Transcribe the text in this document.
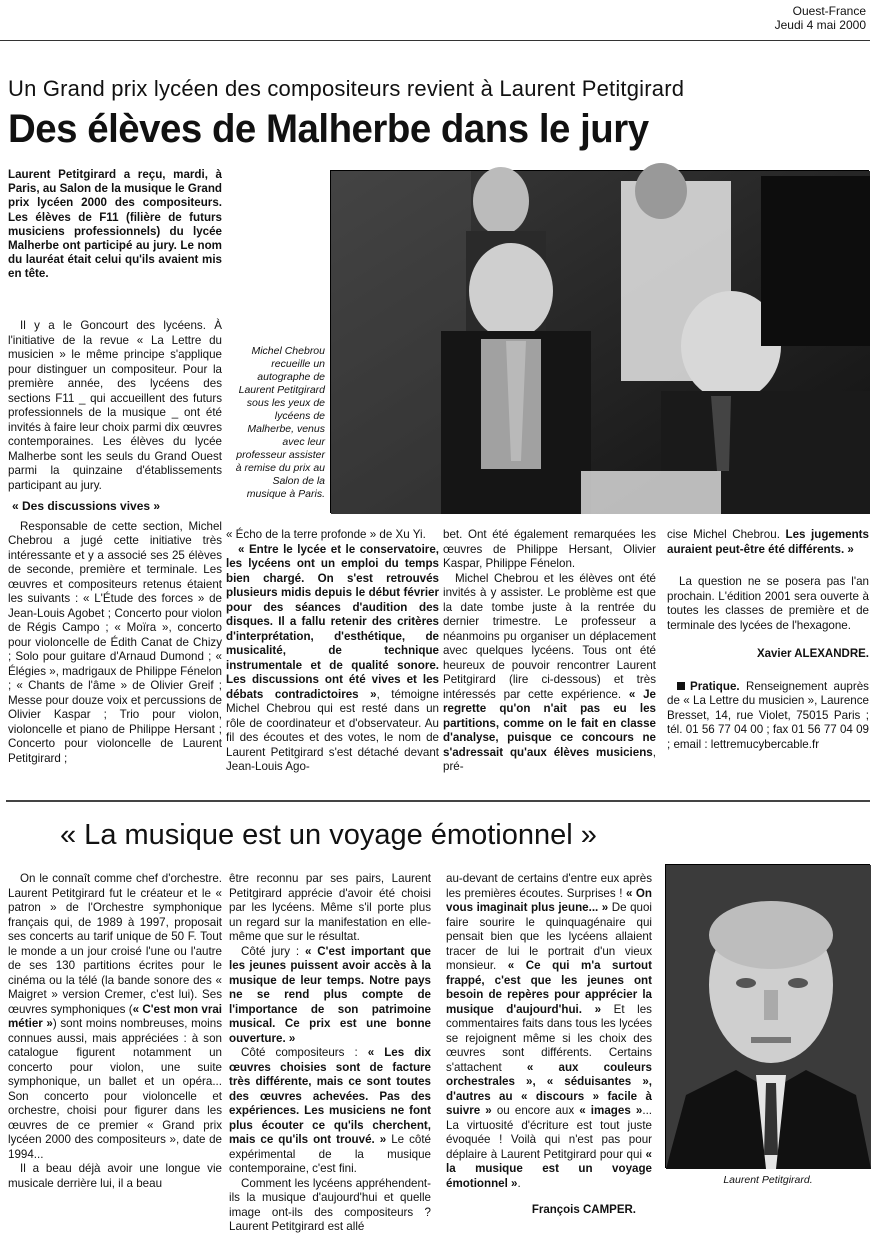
Ouest-France
Jeudi 4 mai 2000
Un Grand prix lycéen des compositeurs revient à Laurent Petitgirard
Des élèves de Malherbe dans le jury
Laurent Petitgirard a reçu, mardi, à Paris, au Salon de la musique le Grand prix lycéen 2000 des compositeurs. Les élèves de F11 (filière de futurs musiciens professionnels) du lycée Malherbe ont participé au jury. Le nom du lauréat était celui qu'ils avaient mis en tête.
Michel Chebrou recueille un autographe de Laurent Petitgirard sous les yeux de lycéens de Malherbe, venus avec leur professeur assister à remise du prix au Salon de la musique à Paris.

Il y a le Goncourt des lycéens. À l'initiative de la revue « La Lettre du musicien » le même principe s'applique pour distinguer un compositeur. Pour la première année, des lycéens des sections F11 _ qui accueillent des futurs professionnels de la musique _ ont été invités à faire leur choix parmi dix œuvres contemporaines. Les élèves du lycée Malherbe sont les seuls du Grand Ouest parmi la quinzaine d'établissements participant au jury.

« Des discussions vives »

Responsable de cette section, Michel Chebrou a jugé cette initiative très intéressante et y a associé ses 25 élèves de seconde, première et terminale. Les œuvres et compositeurs retenus étaient les suivants : « L'Étude des forces » de Jean-Louis Agobet ; Concerto pour violon de Régis Campo ; « Moïra », concerto pour violoncelle de Édith Canat de Chizy ; Solo pour guitare d'Arnaud Dumond ; « Élégies », madrigaux de Philippe Fénelon ; « Chants de l'âme » de Olivier Greif ; Messe pour douze voix et percussions de Olivier Kaspar ; Trio pour violon, violoncelle et piano de Philippe Hersant ; Concerto pour violoncelle de Laurent Petitgirard ;

« Écho de la terre profonde » de Xu Yi.

« Entre le lycée et le conservatoire, les lycéens ont un emploi du temps bien chargé. On s'est retrouvés plusieurs midis depuis le début février pour des séances d'audition des disques. Il a fallu retenir des critères d'interprétation, d'esthétique, de musicalité, de technique instrumentale et de qualité sonore. Les discussions ont été vives et les débats contradictoires », témoigne Michel Chebrou qui est resté dans un rôle de coordinateur et d'observateur. Au fil des écoutes et des votes, le nom de Laurent Petitgirard s'est détaché devant Jean-Louis Ago-

bet. Ont été également remarquées les œuvres de Philippe Hersant, Olivier Kaspar, Philippe Fénelon.

Michel Chebrou et les élèves ont été invités à y assister. Le problème est que la date tombe juste à la rentrée du dernier trimestre. Le professeur a néanmoins pu organiser un déplacement avec quelques lycéens. Tous ont été heureux de pouvoir rencontrer Laurent Petitgirard (lire ci-dessous) et très intéressés par cette expérience. « Je regrette qu'on n'ait pas eu les partitions, comme on le fait en classe d'analyse, puisque ce concours ne s'adressait qu'aux élèves musiciens, pré-

cise Michel Chebrou. Les jugements auraient peut-être été différents. »

La question ne se posera pas l'an prochain. L'édition 2001 sera ouverte à toutes les classes de première et de terminale des lycées de l'hexagone.

Xavier ALEXANDRE.

Pratique. Renseignement auprès de « La Lettre du musicien », Laurence Bresset, 14, rue Violet, 75015 Paris ; tél. 01 56 77 04 00 ; fax 01 56 77 04 09 ; email : lettremucybercable.fr

« La musique est un voyage émotionnel »

On le connaît comme chef d'orchestre. Laurent Petitgirard fut le créateur et le « patron » de l'Orchestre symphonique français qui, de 1989 à 1997, proposait ses concerts au tarif unique de 50 F. Tout le monde a un jour croisé l'une ou l'autre de ses 130 partitions écrites pour le cinéma ou la télé (la bande sonore des « Maigret » version Cremer, c'est lui). Ses œuvres symphoniques (« C'est mon vrai métier ») sont moins nombreuses, moins connues aussi, mais appréciées : à son catalogue figurent notamment un concerto pour violon, une suite symphonique, un ballet et un opéra... Son concerto pour violoncelle et orchestre, choisi pour figurer dans les œuvres de ce premier « Grand prix lycéen 2000 des compositeurs », date de 1994...

Il a beau déjà avoir une longue vie musicale derrière lui, il a beau

être reconnu par ses pairs, Laurent Petitgirard apprécie d'avoir été choisi par les lycéens. Même s'il porte plus un regard sur la manifestation en elle-même que sur le résultat.

Côté jury : « C'est important que les jeunes puissent avoir accès à la musique de leur temps. Notre pays ne se rend plus compte de l'importance de son patrimoine musical. Ce prix est une bonne ouverture. »

Côté compositeurs : « Les dix œuvres choisies sont de facture très différente, mais ce sont toutes des œuvres achevées. Pas des expériences. Les musiciens ne font plus écouter ce qu'ils cherchent, mais ce qu'ils ont trouvé. » Le côté expérimental de la musique contemporaine, c'est fini.

Comment les lycéens appréhendent-ils la musique d'aujourd'hui et quelle image ont-ils des compositeurs ? Laurent Petitgirard est allé

au-devant de certains d'entre eux après les premières écoutes. Surprises ! « On vous imaginait plus jeune... » De quoi faire sourire le quinquagénaire qui pensait bien que les lycéens allaient tracer de lui le portrait d'un vieux monsieur. « Ce qui m'a surtout frappé, c'est que les jeunes ont besoin de repères pour apprécier la musique d'aujourd'hui. » Et les commentaires faits dans tous les lycées se rejoignent même si les choix des œuvres sont différents. Certains s'attachent « aux couleurs orchestrales », « séduisantes », d'autres au « discours » facile à suivre » ou encore aux « images »... La virtuosité d'écriture est tout juste évoquée ! Voilà qui n'est pas pour déplaire à Laurent Petitgirard pour qui « la musique est un voyage émotionnel ».

François CAMPER.
Laurent Petitgirard.
